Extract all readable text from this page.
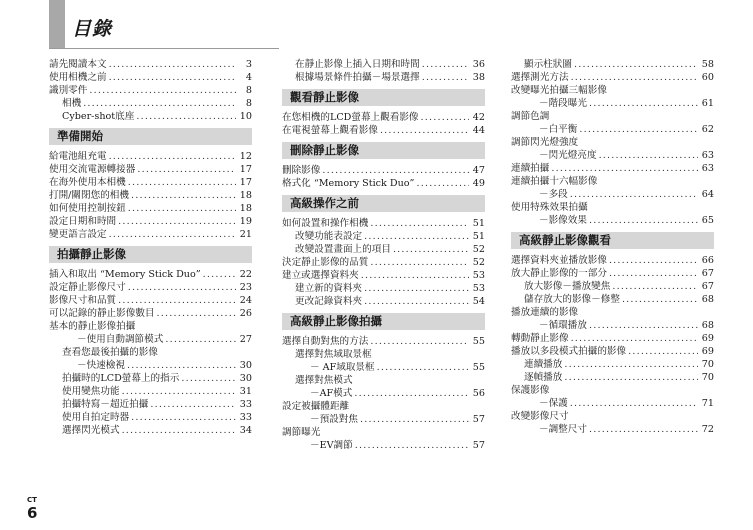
目錄
請先閱讀本文 .....	3
使用相機之前 .....	4
識別零件 .....	8
相機 .....	8
Cyber-shot底座 .....	10
準備開始
給電池組充電 .....	12
使用交流電源轉接器 .....	17
在海外使用本相機 .....	17
打開/關閉您的相機 .....	18
如何使用控制按鈕 .....	18
設定日期和時間 .....	19
變更語言設定 .....	21
拍攝靜止影像
插入和取出 “Memory Stick Duo” .....	22
設定靜止影像尺寸 .....	23
影像尺寸和品質 .....	24
可以記錄的靜止影像數目 .....	26
基本的靜止影像拍攝
－使用自動調節模式 .....	27
查看您最後拍攝的影像
－快速檢視 .....	30
拍攝時的LCD螢幕上的指示 .....	30
使用變焦功能 .....	31
拍攝特寫－超近拍攝 .....	33
使用自拍定時器 .....	33
選擇閃光模式 .....	34
在靜止影像上插入日期和時間 .....	36
根據場景條件拍攝－場景選擇 .....	38
觀看靜止影像
在您相機的LCD螢幕上觀看影像 .....	42
在電視螢幕上觀看影像 .....	44
刪除靜止影像
刪除影像 .....	47
格式化 “Memory Stick Duo” .....	49
高級操作之前
如何設置和操作相機 .....	51
改變功能表設定 .....	51
改變設置畫面上的項目 .....	52
決定靜止影像的品質 .....	52
建立或選擇資料夾 .....	53
建立新的資料夾 .....	53
更改記錄資料夾 .....	54
高級靜止影像拍攝
選擇自動對焦的方法 .....	55
選擇對焦域取景框
－ AF域取景框 .....	55
選擇對焦模式
－AF模式 .....	56
設定被攝體距離
－預設對焦 .....	57
調節曝光
－EV調節 .....	57
顯示柱狀圖 .....	58
選擇測光方法 .....	60
改變曝光拍攝三幅影像
－階段曝光 .....	61
調節色調
－白平衡 .....	62
調節閃光燈強度
－閃光燈亮度 .....	63
連續拍攝 .....	63
連續拍攝十六幅影像
－多段 .....	64
使用特殊效果拍攝
－影像效果 .....	65
高級靜止影像觀看
選擇資料夾並播放影像 .....	66
放大靜止影像的一部分 .....	67
放大影像－播放變焦 .....	67
儲存放大的影像－修整 .....	68
播放連續的影像
－循環播放 .....	68
轉動靜止影像 .....	69
播放以多段模式拍攝的影像 .....	69
連續播放 .....	70
逐幀播放 .....	70
保護影像
－保護 .....	71
改變影像尺寸
－調整尺寸 .....	72
CT
6
